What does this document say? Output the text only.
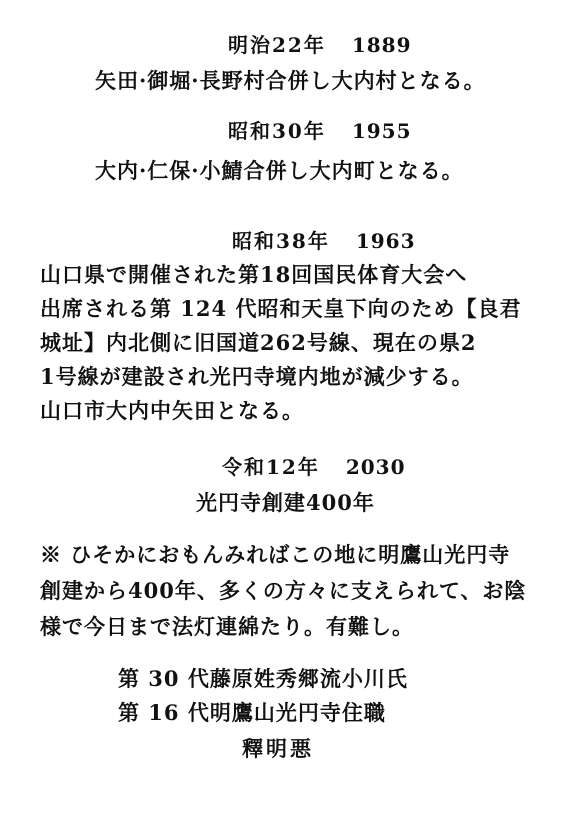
明治22年 1889
矢田·御堀·長野村合併し大内村となる。
昭和30年 1955
大内·仁保·小鯖合併し大内町となる。
昭和38年 1963
山口県で開催された第18回国民体育大会へ
出席される第 124 代昭和天皇下向のため【良君
城址】内北側に旧国道262号線、現在の県2
1号線が建設され光円寺境内地が減少する。
山口市大内中矢田となる。
令和12年 2030
光円寺創建400年
※ ひそかにおもんみればこの地に明鷹山光円寺
創建から400年、多くの方々に支えられて、お陰
様で今日まで法灯連綿たり。有難し。
第 30 代藤原姓秀郷流小川氏
第 16 代明鷹山光円寺住職
釋明悪
